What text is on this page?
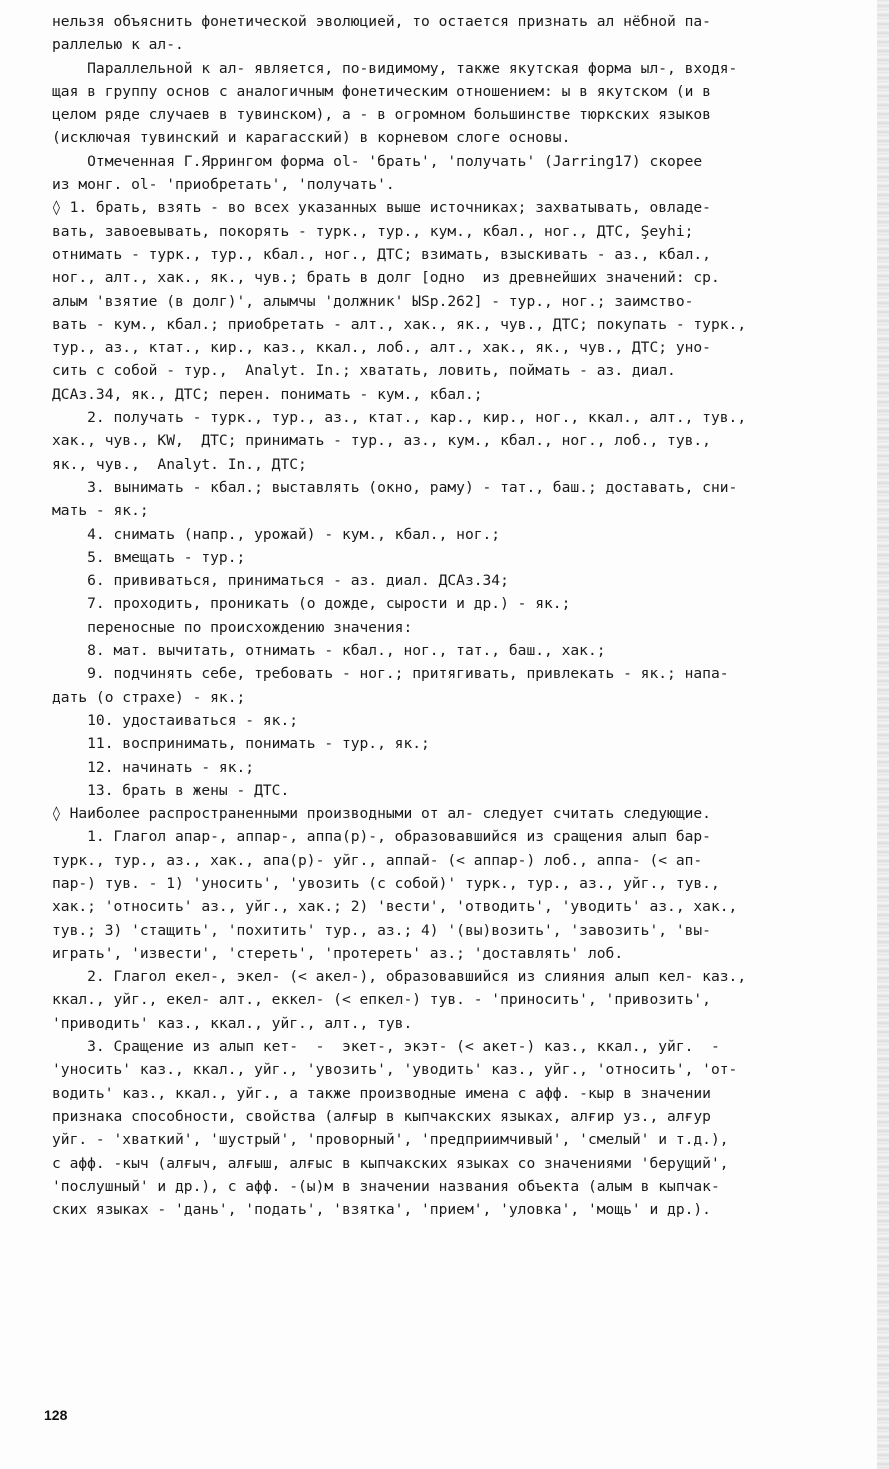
нельзя объяснить фонетической эволюцией, то остается признать ал нёбной па-
раллелью к ал-.
Параллельной к ал- является, по-видимому, также якутская форма ыл-, входя-
щая в группу основ с аналогичным фонетическим отношением: ы в якутском (и в
целом ряде случаев в тувинском), а - в огромном большинстве тюркских языков
(исключая тувинский и карагасский) в корневом слоге основы.
Отмеченная Г.Яррингом форма ol- 'брать', 'получать' (Jarring17) скорее
из монг. ol- 'приобретать', 'получать'.
◊ 1. брать, взять - во всех указанных выше источниках; захватывать, овладе-
вать, завоевывать, покорять - турк., тур., кум., кбал., ног., ДТС, Şeyhi;
отнимать - турк., тур., кбал., ног., ДТС; взимать, взыскивать - аз., кбал.,
ног., алт., хак., як., чув.; брать в долг [одно  из древнейших значений: ср.
алым 'взятие (в долг)', алымчы 'должник' ЫSp.262] - тур., ног.; заимство-
вать - кум., кбал.; приобретать - алт., хак., як., чув., ДТС; покупать - турк.,
тур., аз., ктат., кир., каз., ккал., лоб., алт., хак., як., чув., ДТС; уно-
сить с собой - тур.,  Analyt. In.; хватать, ловить, поймать - аз. диал.
ДСАз.34, як., ДТС; перен. понимать - кум., кбал.;
2. получать - турк., тур., аз., ктат., кар., кир., ног., ккал., алт., тув.,
хак., чув., KW,  ДТС; принимать - тур., аз., кум., кбал., ног., лоб., тув.,
як., чув.,  Analyt. In., ДТС;
3. вынимать - кбал.; выставлять (окно, раму) - тат., баш.; доставать, сни-
мать - як.;
4. снимать (напр., урожай) - кум., кбал., ног.;
5. вмещать - тур.;
6. прививаться, приниматься - аз. диал. ДСАз.34;
7. проходить, проникать (о дожде, сырости и др.) - як.;
переносные по происхождению значения:
8. мат. вычитать, отнимать - кбал., ног., тат., баш., хак.;
9. подчинять себе, требовать - ног.; притягивать, привлекать - як.; напа-
дать (о страхе) - як.;
10. удостаиваться - як.;
11. воспринимать, понимать - тур., як.;
12. начинать - як.;
13. брать в жены - ДТС.
◊ Наиболее распространенными производными от ал- следует считать следующие.
1. Глагол апар-, аппар-, аппа(р)-, образовавшийся из сращения алып бар-
турк., тур., аз., хак., апа(р)- уйг., аппай- (< аппар-) лоб., аппа- (< ап-
пар-) тув. - 1) 'уносить', 'увозить (с собой)' турк., тур., аз., уйг., тув.,
хак.; 'относить' аз., уйг., хак.; 2) 'вести', 'отводить', 'уводить' аз., хак.,
тув.; 3) 'стащить', 'похитить' тур., аз.; 4) '(вы)возить', 'завозить', 'вы-
играть', 'извести', 'стереть', 'протереть' аз.; 'доставлять' лоб.
2. Глагол екел-, экел- (< акел-), образовавшийся из слияния алып кел- каз.,
ккал., уйг., екел- алт., еккел- (< епкел-) тув. - 'приносить', 'привозить',
'приводить' каз., ккал., уйг., алт., тув.
3. Сращение из алып кет-  -  экет-, экэт- (< акет-) каз., ккал., уйг.  -
'уносить' каз., ккал., уйг., 'увозить', 'уводить' каз., уйг., 'относить', 'от-
водить' каз., ккал., уйг., а также производные имена с афф. -кыр в значении
признака способности, свойства (алғыр в кыпчакских языках, алғир уз., алғур
уйг. - 'хваткий', 'шустрый', 'проворный', 'предприимчивый', 'смелый' и т.д.),
с афф. -кыч (алғыч, алғыш, алғыс в кыпчакских языках со значениями 'берущий',
'послушный' и др.), с афф. -(ы)м в значении названия объекта (алым в кыпчак-
ских языках - 'дань', 'подать', 'взятка', 'прием', 'уловка', 'мощь' и др.).
128
